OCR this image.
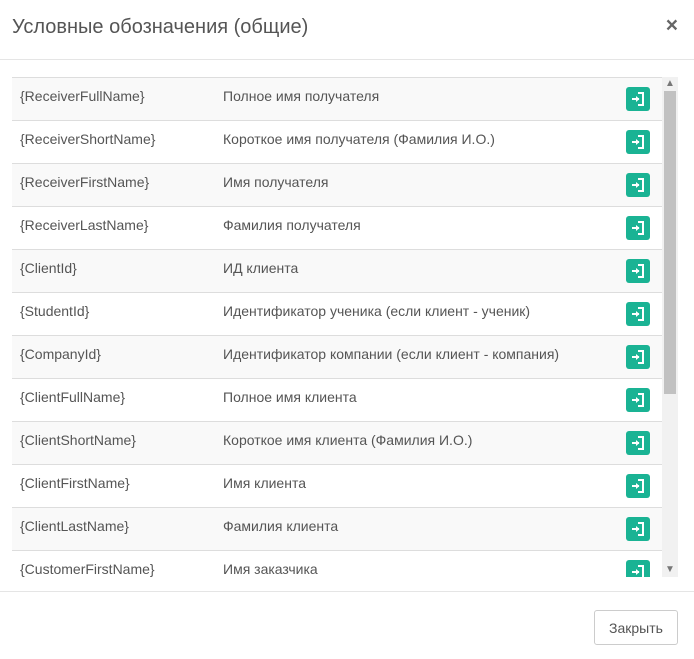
Условные обозначения (общие)	×
{ReceiverFullName}	Полное имя получателя
{ReceiverShortName}	Короткое имя получателя (Фамилия И.О.)
{ReceiverFirstName}	Имя получателя
{ReceiverLastName}	Фамилия получателя
{ClientId}	ИД клиента
{StudentId}	Идентификатор ученика (если клиент - ученик)
{CompanyId}	Идентификатор компании (если клиент - компания)
{ClientFullName}	Полное имя клиента
{ClientShortName}	Короткое имя клиента (Фамилия И.О.)
{ClientFirstName}	Имя клиента
{ClientLastName}	Фамилия клиента
{CustomerFirstName}	Имя заказчика
▲
▼
Закрыть
